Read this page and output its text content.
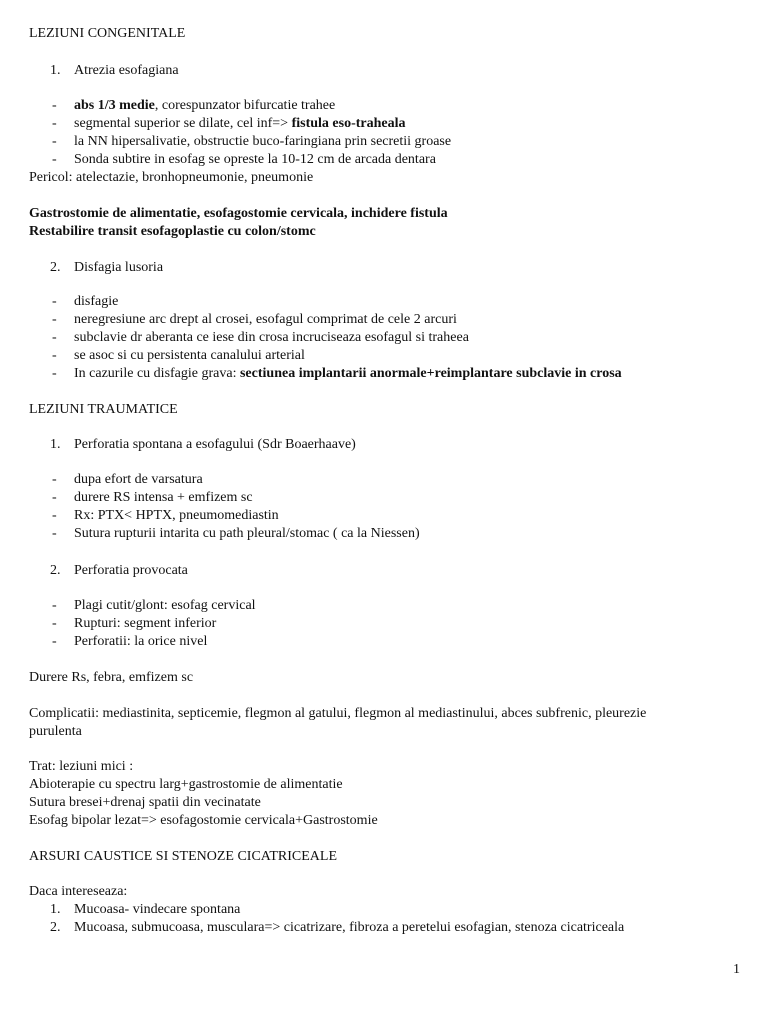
LEZIUNI CONGENITALE
1. Atrezia esofagiana
- abs 1/3 medie, corespunzator bifurcatie trahee
- segmental superior se dilate, cel inf=> fistula eso-traheala
- la NN hipersalivatie, obstructie buco-faringiana prin secretii groase
- Sonda subtire in esofag se opreste la 10-12 cm de arcada dentara
Pericol: atelectazie, bronhopneumonie, pneumonie
Gastrostomie de alimentatie, esofagostomie cervicala, inchidere fistula
Restabilire transit esofagoplastie cu colon/stomc
2. Disfagia lusoria
- disfagie
- neregresiune arc drept al crosei, esofagul comprimat de cele 2 arcuri
- subclavie dr aberanta ce iese din crosa incruciseaza esofagul si traheea
- se asoc si cu persistenta canalului arterial
- In cazurile cu disfagie grava: sectiunea implantarii anormale+reimplantare subclavie in crosa
LEZIUNI TRAUMATICE
1. Perforatia spontana a esofagului (Sdr Boaerhaave)
- dupa efort de varsatura
- durere RS intensa + emfizem sc
- Rx: PTX< HPTX, pneumomediastin
- Sutura rupturii intarita cu path pleural/stomac ( ca la Niessen)
2. Perforatia provocata
- Plagi cutit/glont: esofag cervical
- Rupturi: segment inferior
- Perforatii: la orice nivel
Durere Rs, febra, emfizem sc
Complicatii: mediastinita, septicemie, flegmon al gatului, flegmon al mediastinului, abces subfrenic, pleurezie
purulenta
Trat: leziuni mici :
Abioterapie cu spectru larg+gastrostomie de alimentatie
Sutura bresei+drenaj spatii din vecinatate
Esofag bipolar lezat=> esofagostomie cervicala+Gastrostomie
ARSURI CAUSTICE SI STENOZE CICATRICEALE
Daca intereseaza:
1. Mucoasa- vindecare spontana
2. Mucoasa, submucoasa, musculara=> cicatrizare, fibroza a peretelui esofagian, stenoza cicatriceala
1
